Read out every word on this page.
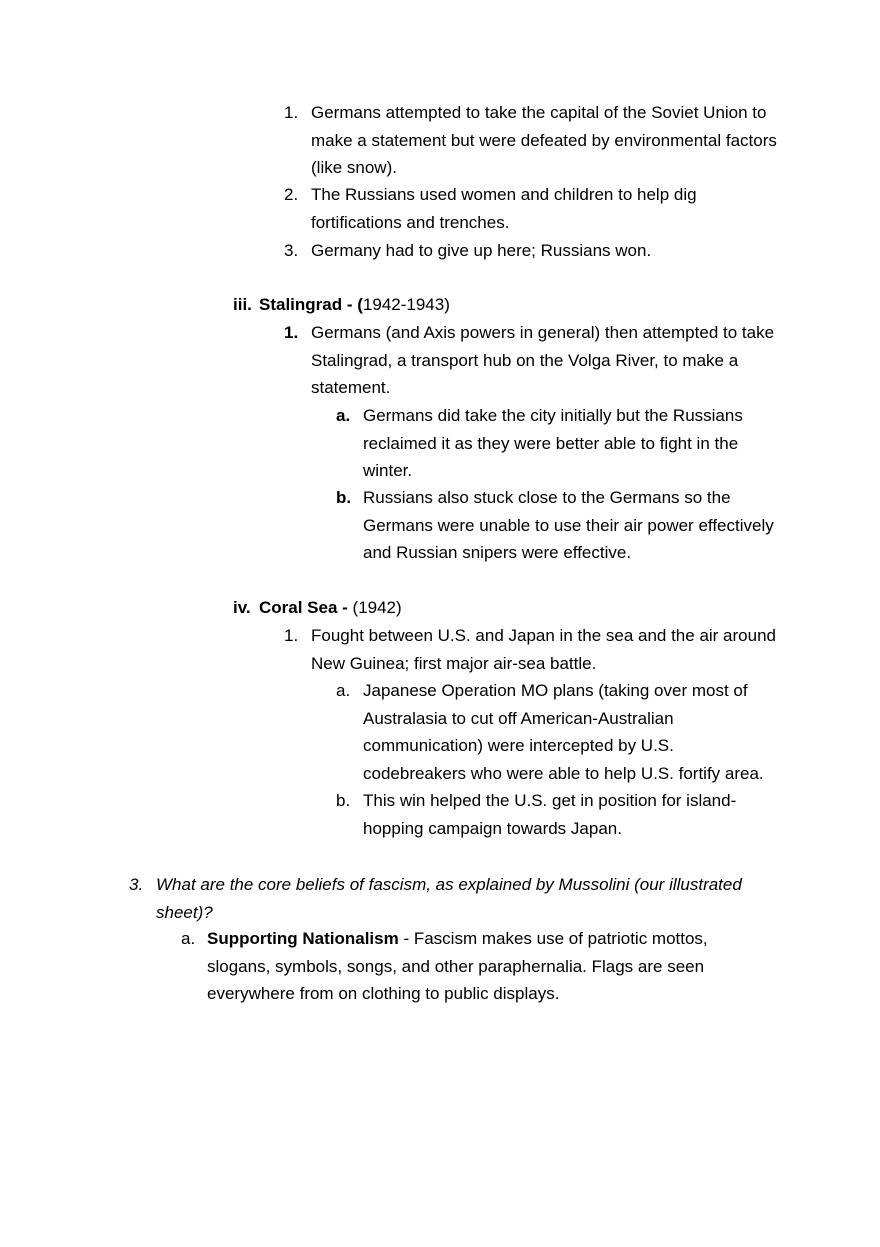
1. Germans attempted to take the capital of the Soviet Union to make a statement but were defeated by environmental factors (like snow).
2. The Russians used women and children to help dig fortifications and trenches.
3. Germany had to give up here; Russians won.
iii. Stalingrad - (1942-1943)
1. Germans (and Axis powers in general) then attempted to take Stalingrad, a transport hub on the Volga River, to make a statement.
a. Germans did take the city initially but the Russians reclaimed it as they were better able to fight in the winter.
b. Russians also stuck close to the Germans so the Germans were unable to use their air power effectively and Russian snipers were effective.
iv. Coral Sea - (1942)
1. Fought between U.S. and Japan in the sea and the air around New Guinea; first major air-sea battle.
a. Japanese Operation MO plans (taking over most of Australasia to cut off American-Australian communication) were intercepted by U.S. codebreakers who were able to help U.S. fortify area.
b. This win helped the U.S. get in position for island-hopping campaign towards Japan.
3. What are the core beliefs of fascism, as explained by Mussolini (our illustrated sheet)?
a. Supporting Nationalism - Fascism makes use of patriotic mottos, slogans, symbols, songs, and other paraphernalia. Flags are seen everywhere from on clothing to public displays.
